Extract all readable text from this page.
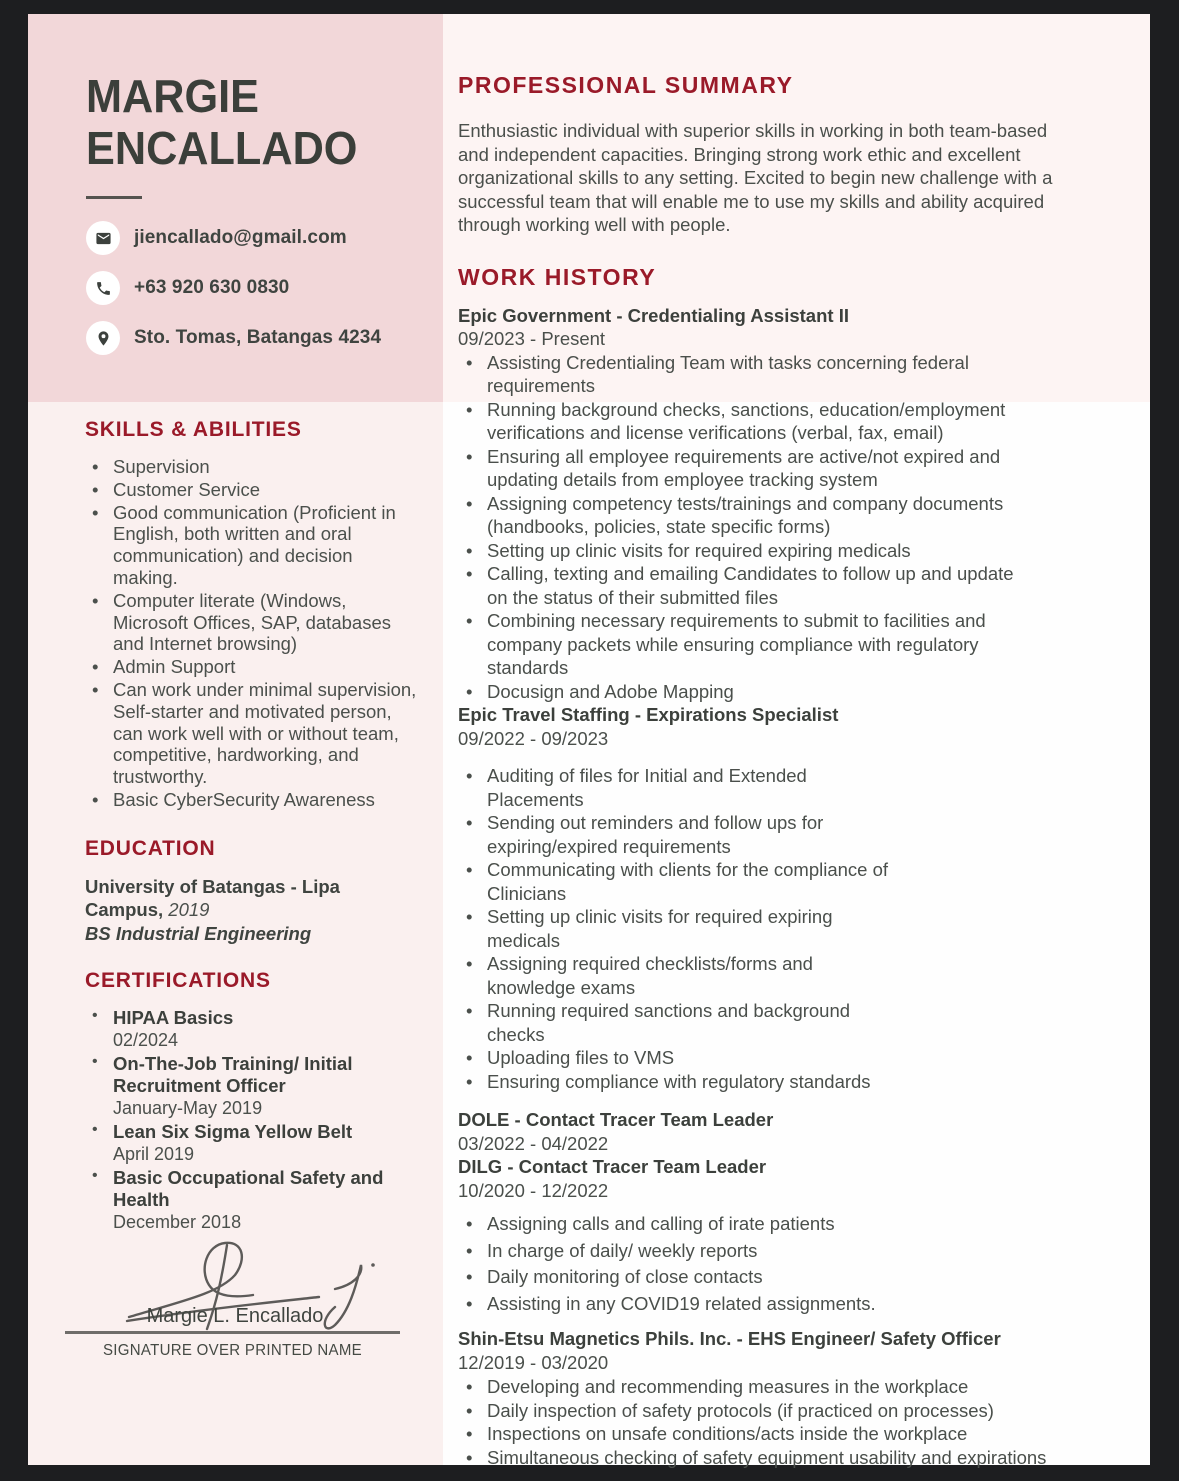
MARGIE
ENCALLADO
jiencallado@gmail.com
+63 920 630 0830
Sto. Tomas, Batangas 4234
SKILLS & ABILITIES
• Supervision
• Customer Service
• Good communication (Proficient in English, both written and oral communication) and decision making.
• Computer literate (Windows, Microsoft Offices, SAP, databases and Internet browsing)
• Admin Support
• Can work under minimal supervision, Self-starter and motivated person, can work well with or without team, competitive, hardworking, and trustworthy.
• Basic CyberSecurity Awareness
EDUCATION

University of Batangas - Lipa Campus, 2019

BS Industrial Engineering

CERTIFICATIONS
• HIPAA Basics
02/2024
• On-The-Job Training/ Initial Recruitment Officer
January-May 2019
• Lean Six Sigma Yellow Belt
April 2019
• Basic Occupational Safety and Health
December 2018
Margie L. Encallado
SIGNATURE OVER PRINTED NAME
PROFESSIONAL SUMMARY

Enthusiastic individual with superior skills in working in both team-based and independent capacities. Bringing strong work ethic and excellent organizational skills to any setting. Excited to begin new challenge with a successful team that will enable me to use my skills and ability acquired through working well with people.

WORK HISTORY
Epic Government - Credentialing Assistant II
09/2023 - Present
• Assisting Credentialing Team with tasks concerning federal requirements
• Running background checks, sanctions, education/employment verifications and license verifications (verbal, fax, email)
• Ensuring all employee requirements are active/not expired and updating details from employee tracking system
• Assigning competency tests/trainings and company documents (handbooks, policies, state specific forms)
• Setting up clinic visits for required expiring medicals
• Calling, texting and emailing Candidates to follow up and update on the status of their submitted files
• Combining necessary requirements to submit to facilities and company packets while ensuring compliance with regulatory standards
• Docusign and Adobe Mapping
Epic Travel Staffing - Expirations Specialist
09/2022 - 09/2023
• Auditing of files for Initial and Extended Placements
• Sending out reminders and follow ups for expiring/expired requirements
• Communicating with clients for the compliance of Clinicians
• Setting up clinic visits for required expiring medicals
• Assigning required checklists/forms and knowledge exams
• Running required sanctions and background checks
• Uploading files to VMS
• Ensuring compliance with regulatory standards
DOLE - Contact Tracer Team Leader
03/2022 - 04/2022
DILG - Contact Tracer Team Leader
10/2020 - 12/2022
• Assigning calls and calling of irate patients
• In charge of daily/ weekly reports
• Daily monitoring of close contacts
• Assisting in any COVID19 related assignments.
Shin-Etsu Magnetics Phils. Inc. - EHS Engineer/ Safety Officer
12/2019 - 03/2020
• Developing and recommending measures in the workplace
• Daily inspection of safety protocols (if practiced on processes)
• Inspections on unsafe conditions/acts inside the workplace
• Simultaneous checking of safety equipment usability and expirations
